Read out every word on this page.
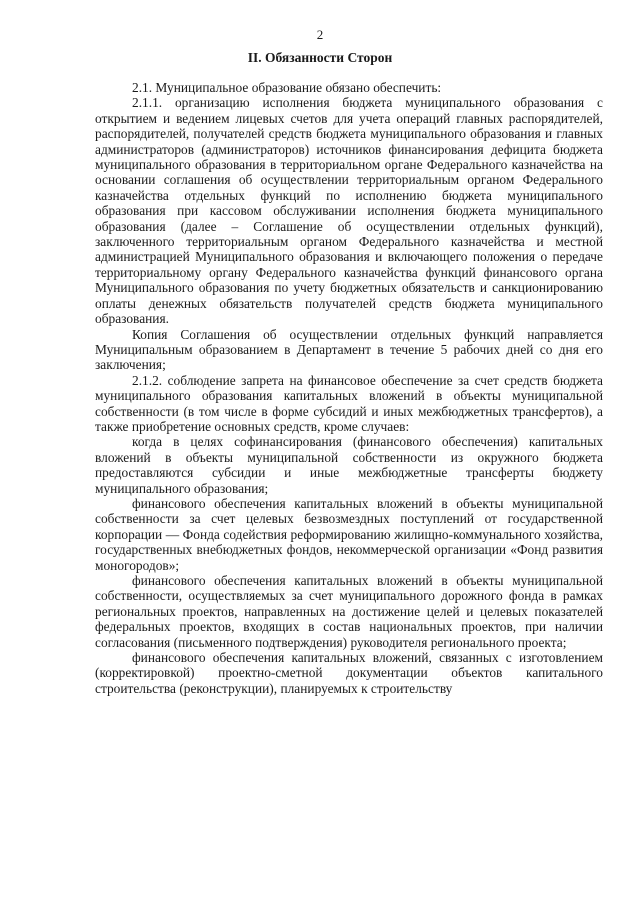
2
II. Обязанности Сторон

2.1. Муниципальное образование обязано обеспечить:

2.1.1. организацию исполнения бюджета муниципального образования с открытием и ведением лицевых счетов для учета операций главных распорядителей, распорядителей, получателей средств бюджета муниципального образования и главных администраторов (администраторов) источников финансирования дефицита бюджета муниципального образования в территориальном органе Федерального казначейства на основании соглашения об осуществлении территориальным органом Федерального казначейства отдельных функций по исполнению бюджета муниципального образования при кассовом обслуживании исполнения бюджета муниципального образования (далее – Соглашение об осуществлении отдельных функций), заключенного территориальным органом Федерального казначейства и местной администрацией Муниципального образования и включающего положения о передаче территориальному органу Федерального казначейства функций финансового органа Муниципального образования по учету бюджетных обязательств и санкционированию оплаты денежных обязательств получателей средств бюджета муниципального образования.

Копия Соглашения об осуществлении отдельных функций направляется Муниципальным образованием в Департамент в течение 5 рабочих дней со дня его заключения;

2.1.2. соблюдение запрета на финансовое обеспечение за счет средств бюджета муниципального образования капитальных вложений в объекты муниципальной собственности (в том числе в форме субсидий и иных межбюджетных трансфертов), а также приобретение основных средств, кроме случаев:

когда в целях софинансирования (финансового обеспечения) капитальных вложений в объекты муниципальной собственности из окружного бюджета предоставляются субсидии и иные межбюджетные трансферты бюджету муниципального образования;

финансового обеспечения капитальных вложений в объекты муниципальной собственности за счет целевых безвозмездных поступлений от государственной корпорации — Фонда содействия реформированию жилищно-коммунального хозяйства, государственных внебюджетных фондов, некоммерческой организации «Фонд развития моногородов»;

финансового обеспечения капитальных вложений в объекты муниципальной собственности, осуществляемых за счет муниципального дорожного фонда в рамках региональных проектов, направленных на достижение целей и целевых показателей федеральных проектов, входящих в состав национальных проектов, при наличии согласования (письменного подтверждения) руководителя регионального проекта;

финансового обеспечения капитальных вложений, связанных с изготовлением (корректировкой) проектно-сметной документации объектов капитального строительства (реконструкции), планируемых к строительству
